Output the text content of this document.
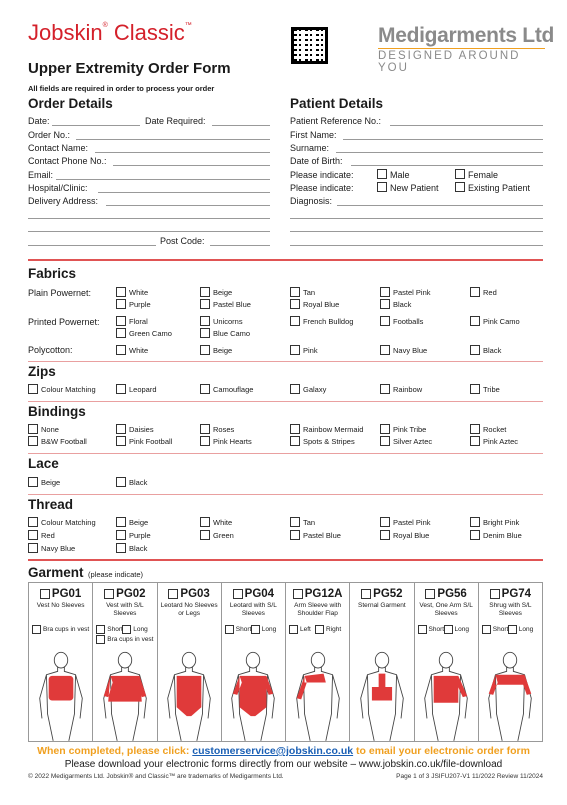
Jobskin® Classic™	Medigarments Ltd
DESIGNED AROUND YOU
Upper Extremity Order Form
All fields are required in order to process your order
Order Details	Patient Details
Date:	Date Required:
Order No.:
Contact Name:
Contact Phone No.:
Email:
Hospital/Clinic:
Delivery Address:
Post Code:
Patient Reference No.:
First Name:
Surname:
Date of Birth:
Please indicate:	Male	Female
Please indicate:	New Patient	Existing Patient
Diagnosis:
Fabrics
Plain Powernet:	White	Beige	Tan	Pastel Pink	Red
Purple	Pastel Blue	Royal Blue	Black
Printed Powernet:	Floral	Unicorns	French Bulldog	Footballs	Pink Camo
Green Camo	Blue Camo
Polycotton:	White	Beige	Pink	Navy Blue	Black
Zips
Colour Matching	Leopard	Camouflage	Galaxy	Rainbow	Tribe
Bindings
None	Daisies	Roses	Rainbow Mermaid	Pink Tribe	Rocket
B&W Football	Pink Football	Pink Hearts	Spots & Stripes	Silver Aztec	Pink Aztec
Lace
Beige	Black
Thread
Colour Matching	Beige	White	Tan	Pastel Pink	Bright Pink
Red	Purple	Green	Pastel Blue	Royal Blue	Denim Blue
Navy Blue	Black
Garment (please indicate)
PG01
Vest No Sleeves
Bra cups in vest
PG02
Vest with S/L Sleeves
Short Long
Bra cups in vest
PG03
Leotard No Sleeves or Legs
PG04
Leotard with S/L Sleeves
Short Long
PG12A
Arm Sleeve with Shoulder Flap
Left Right
PG52
Sternal Garment
PG56
Vest, One Arm S/L Sleeves
Short Long
PG74
Shrug with S/L Sleeves
Short Long
When completed, please click: customerservice@jobskin.co.uk to email your electronic order form
Please download your electronic forms directly from our website – www.jobskin.co.uk/file-download
© 2022 Medigarments Ltd. Jobskin® and Classic™ are trademarks of Medigarments Ltd.	Page 1 of 3 JSIFU207-V1 11/2022 Review 11/2024
